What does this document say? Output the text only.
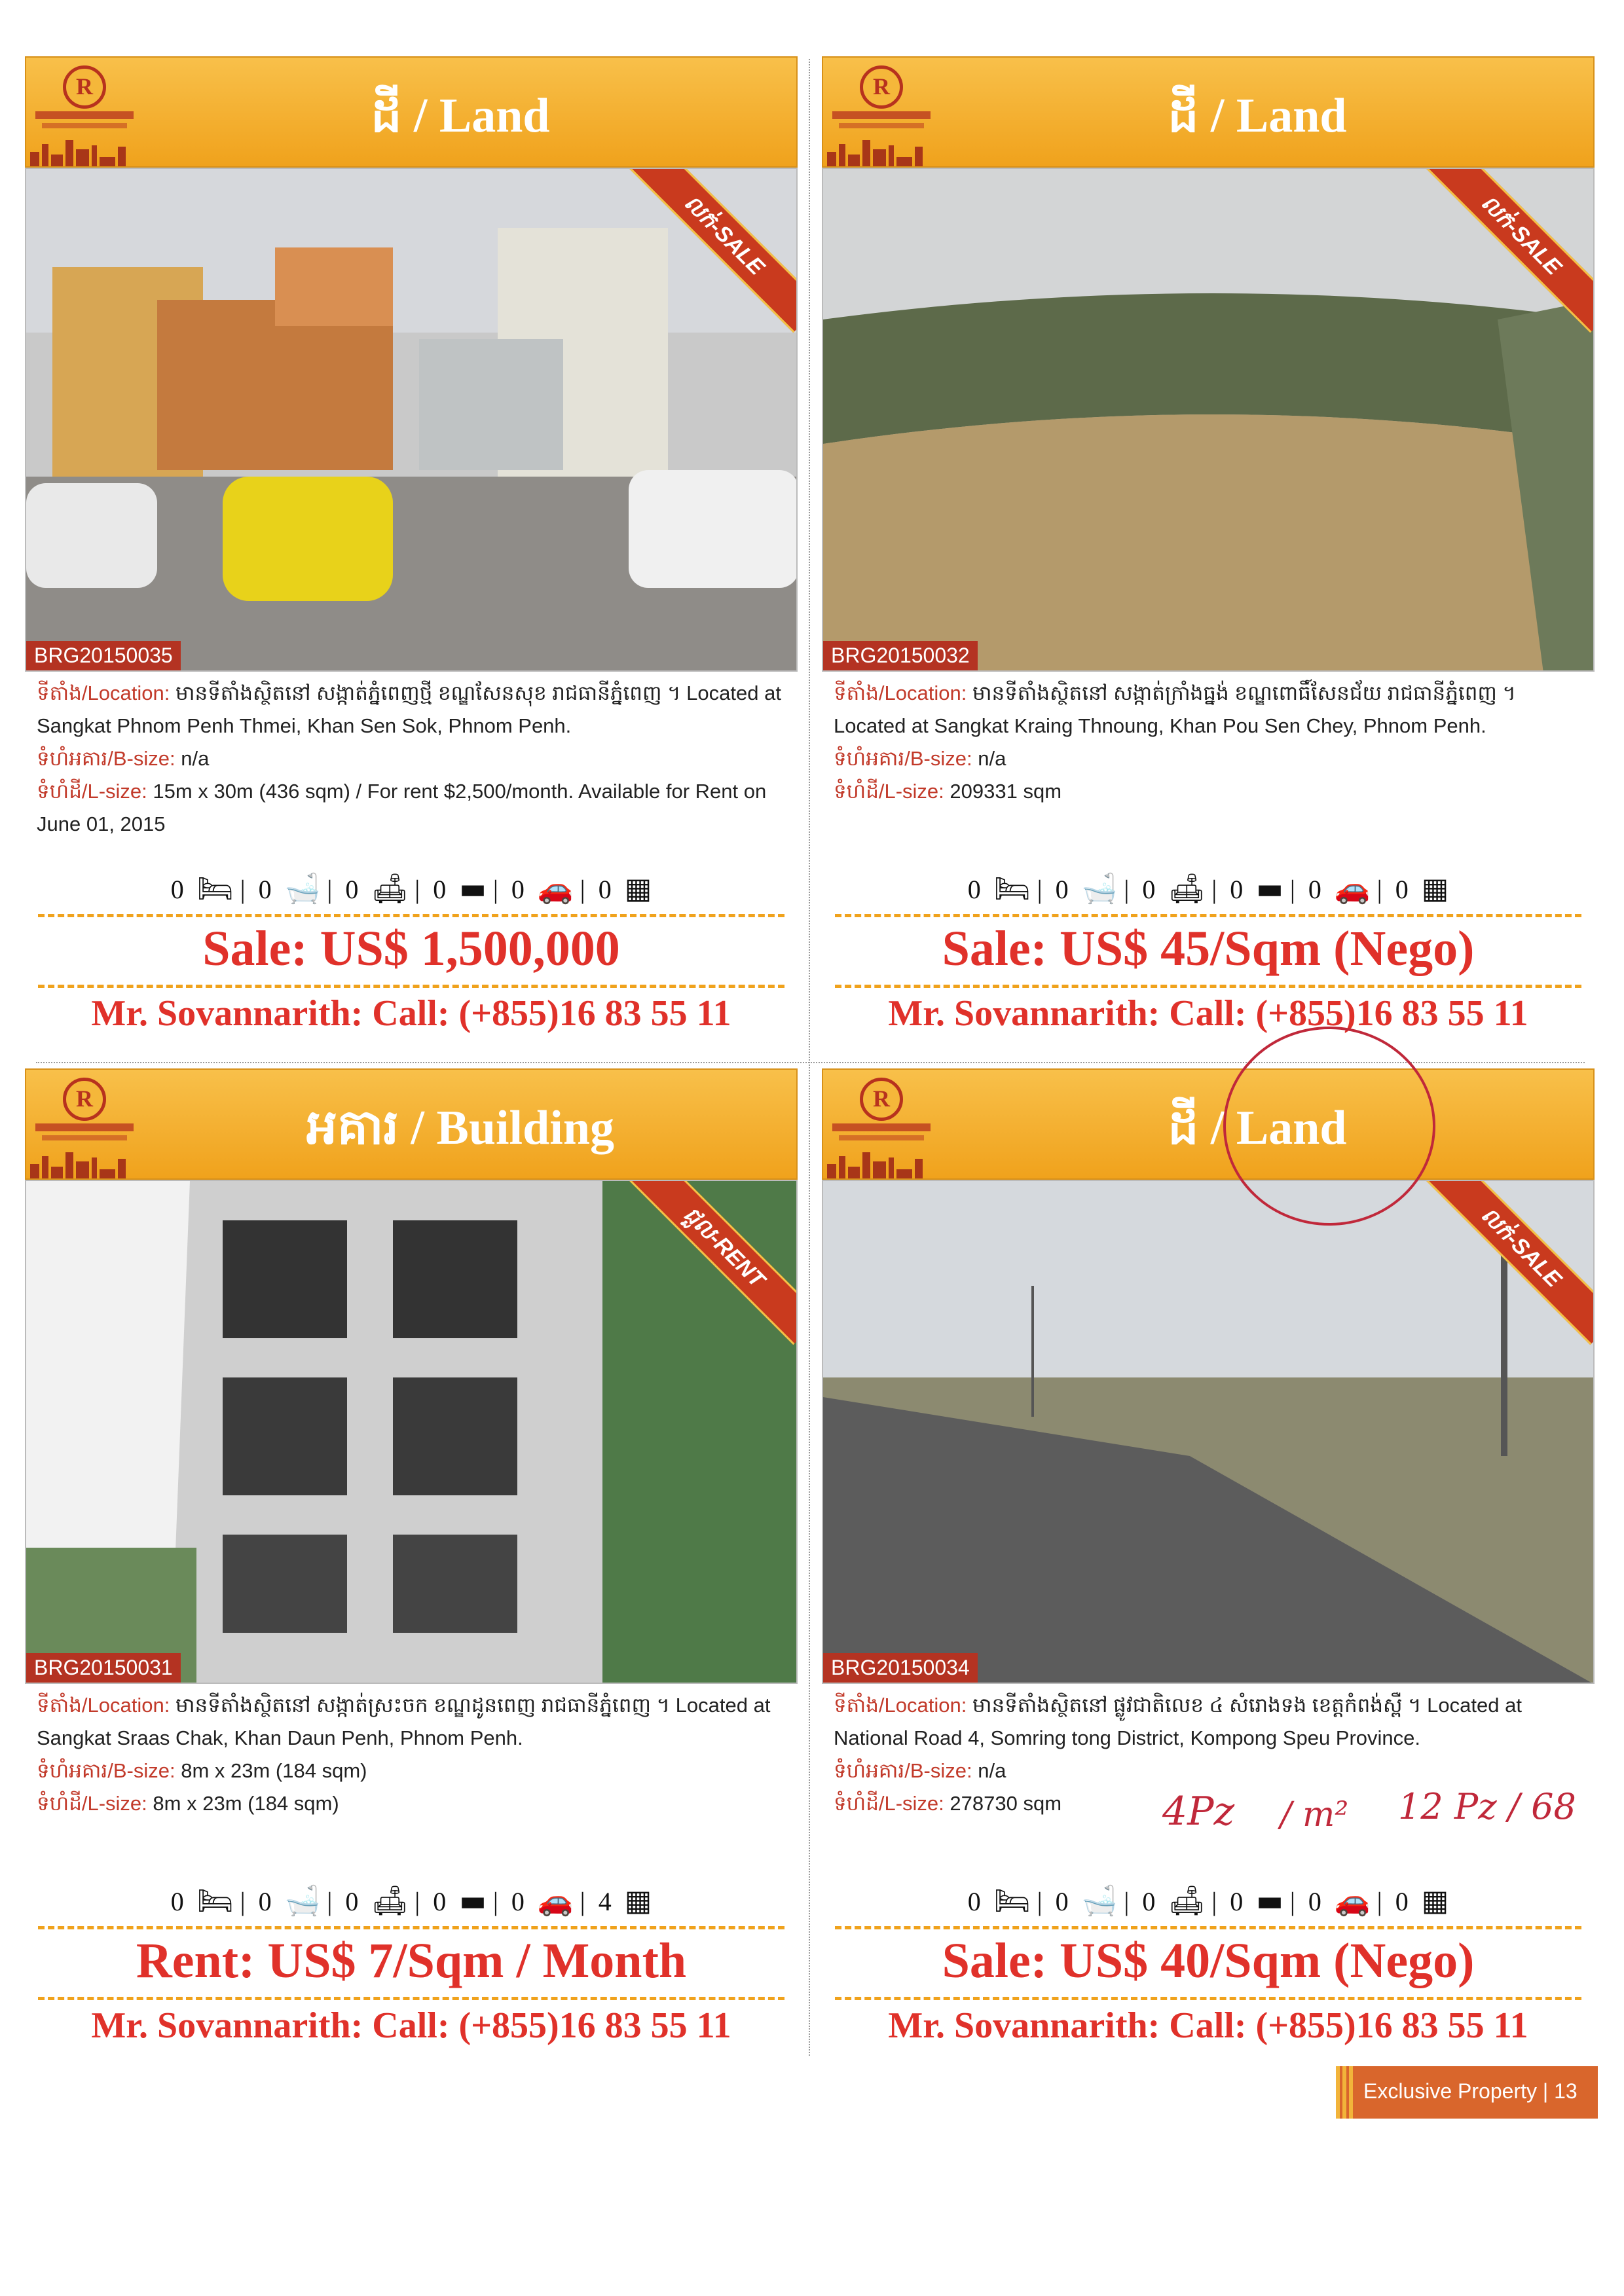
R
ដី / Land
BRG20150035
លក់-SALE
ទីតាំង/Location: មានទីតាំងស្ថិតនៅ សង្កាត់ភ្នំពេញថ្មី ខណ្ឌសែនសុខ រាជធានីភ្នំពេញ ។ Located at Sangkat Phnom Penh Thmei, Khan Sen Sok, Phnom Penh.
ទំហំអគារ/B-size: n/a
ទំហំដី/L-size: 15m x 30m (436 sqm) / For rent $2,500/month. Available for Rent on June 01, 2015
0 🛏 | 0 🛁 | 0 🛋 | 0 ▬ | 0 🚗 | 0 ▦
Sale: US$ 1,500,000
Mr. Sovannarith: Call: (+855)16 83 55 11
R
ដី / Land
BRG20150032
លក់-SALE
ទីតាំង/Location: មានទីតាំងស្ថិតនៅ សង្កាត់ក្រាំងធ្នង់ ខណ្ឌពោធិ៍សែនជ័យ រាជធានីភ្នំពេញ ។ Located at Sangkat Kraing Thnoung, Khan Pou Sen Chey, Phnom Penh.
ទំហំអគារ/B-size: n/a
ទំហំដី/L-size: 209331 sqm
0 🛏 | 0 🛁 | 0 🛋 | 0 ▬ | 0 🚗 | 0 ▦
Sale: US$ 45/Sqm (Nego)
Mr. Sovannarith: Call: (+855)16 83 55 11
R
អគារ / Building
BRG20150031
ជួល-RENT
ទីតាំង/Location: មានទីតាំងស្ថិតនៅ សង្កាត់ស្រះចក ខណ្ឌដូនពេញ រាជធានីភ្នំពេញ ។ Located at Sangkat Sraas Chak, Khan Daun Penh, Phnom Penh.
ទំហំអគារ/B-size: 8m x 23m (184 sqm)
ទំហំដី/L-size: 8m x 23m (184 sqm)
0 🛏 | 0 🛁 | 0 🛋 | 0 ▬ | 0 🚗 | 4 ▦
Rent: US$ 7/Sqm / Month
Mr. Sovannarith: Call: (+855)16 83 55 11
R
ដី / Land
BRG20150034
លក់-SALE
ទីតាំង/Location: មានទីតាំងស្ថិតនៅ ផ្លូវជាតិលេខ ៤ សំរោងទង ខេត្តកំពង់ស្ពឺ ។ Located at National Road 4, Somring tong District, Kompong Speu Province.
ទំហំអគារ/B-size: n/a
ទំហំដី/L-size: 278730 sqm	4Pz / m² 12 Pz / 68
0 🛏 | 0 🛁 | 0 🛋 | 0 ▬ | 0 🚗 | 0 ▦
Sale: US$ 40/Sqm (Nego)
Mr. Sovannarith: Call: (+855)16 83 55 11
Exclusive Property | 13
